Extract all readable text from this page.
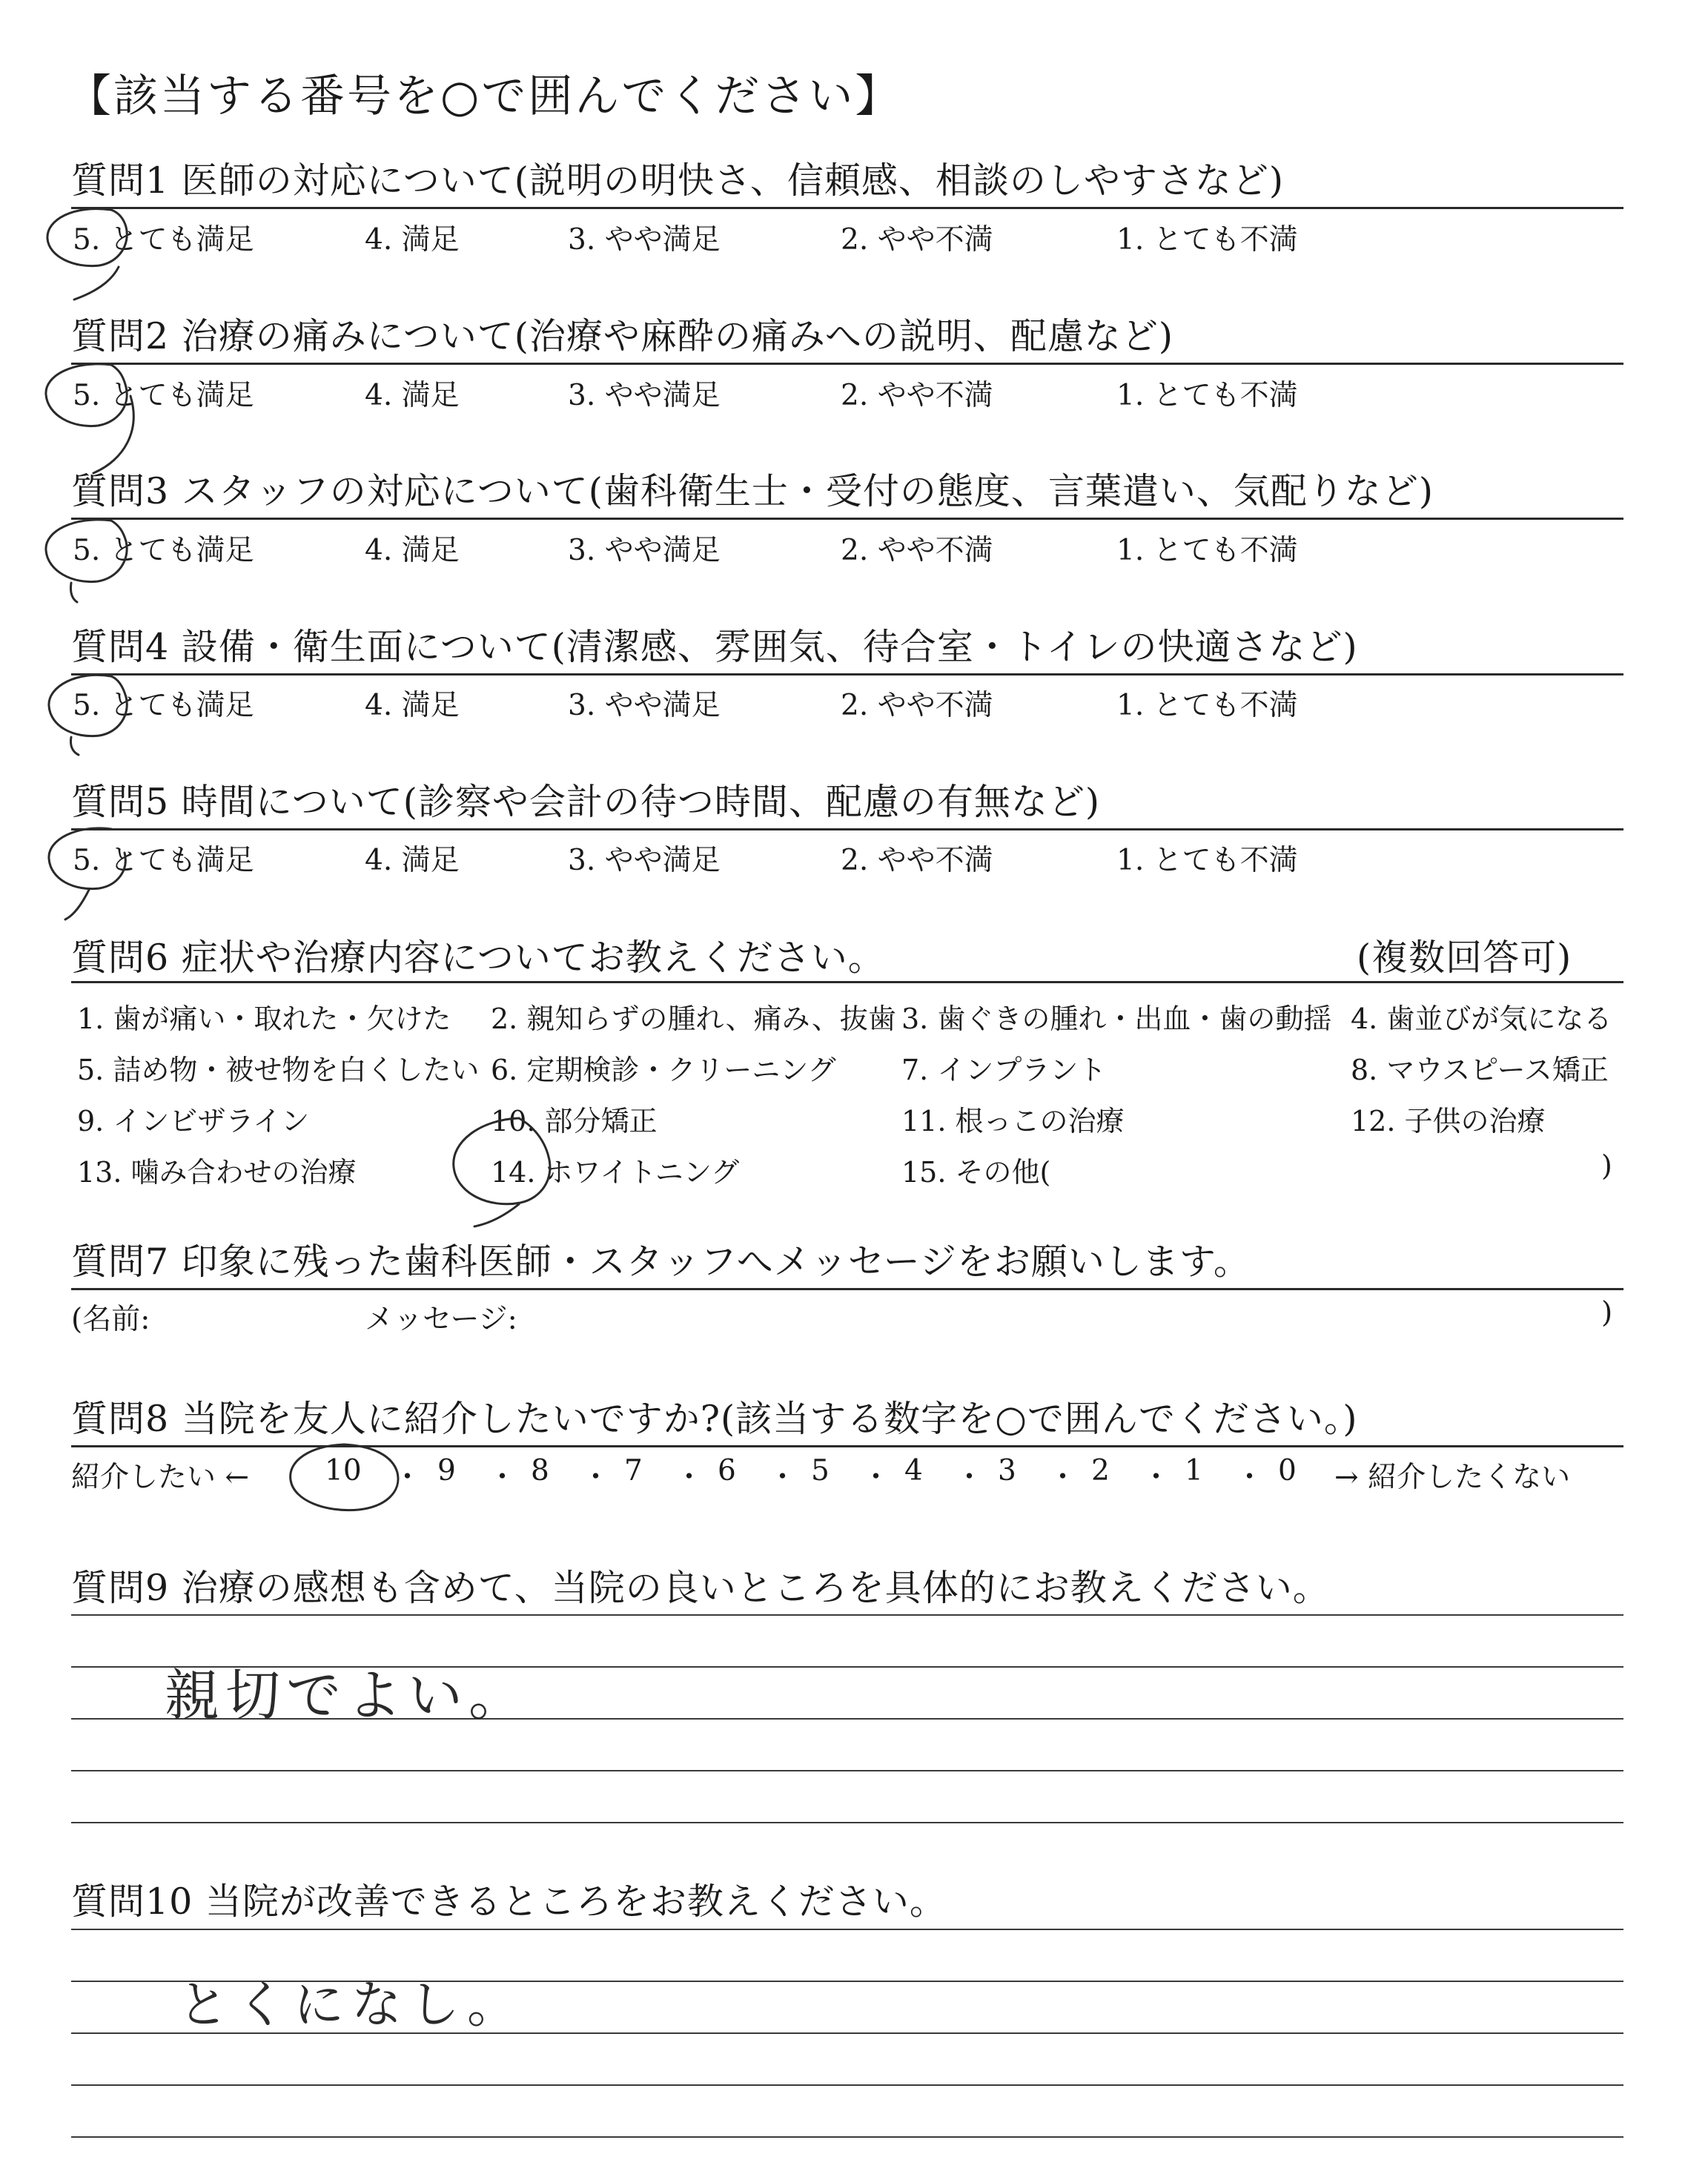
【該当する番号を○で囲んでください】
質問1 医師の対応について(説明の明快さ、信頼感、相談のしやすさなど)
5. とても満足	4. 満足	3. やや満足	2. やや不満	1. とても不満
質問2 治療の痛みについて(治療や麻酔の痛みへの説明、配慮など)
5. とても満足	4. 満足	3. やや満足	2. やや不満	1. とても不満
質問3 スタッフの対応について(歯科衛生士・受付の態度、言葉遣い、気配りなど)
5. とても満足	4. 満足	3. やや満足	2. やや不満	1. とても不満
質問4 設備・衛生面について(清潔感、雰囲気、待合室・トイレの快適さなど)
5. とても満足	4. 満足	3. やや満足	2. やや不満	1. とても不満
質問5 時間について(診察や会計の待つ時間、配慮の有無など)
5. とても満足	4. 満足	3. やや満足	2. やや不満	1. とても不満
質問6 症状や治療内容についてお教えください。	(複数回答可)
1. 歯が痛い・取れた・欠けた 2. 親知らずの腫れ、痛み、抜歯 3. 歯ぐきの腫れ・出血・歯の動揺 4. 歯並びが気になる
5. 詰め物・被せ物を白くしたい 6. 定期検診・クリーニング 7. インプラント	8. マウスピース矯正
9. インビザライン	10. 部分矯正	11. 根っこの治療	12. 子供の治療
13. 噛み合わせの治療	14. ホワイトニング	15. その他(	)
質問7 印象に残った歯科医師・スタッフへメッセージをお願いします。
(名前:	メッセージ:	)
質問8 当院を友人に紹介したいですか?(該当する数字を○で囲んでください。)
紹介したい ←	10 ・ 9 ・ 8 ・ 7 ・ 6 ・ 5 ・ 4 ・ 3 ・ 2 ・ 1 ・ 0 → 紹介したくない
質問9 治療の感想も含めて、当院の良いところを具体的にお教えください。
親切でよい。
質問10 当院が改善できるところをお教えください。
とくになし。
